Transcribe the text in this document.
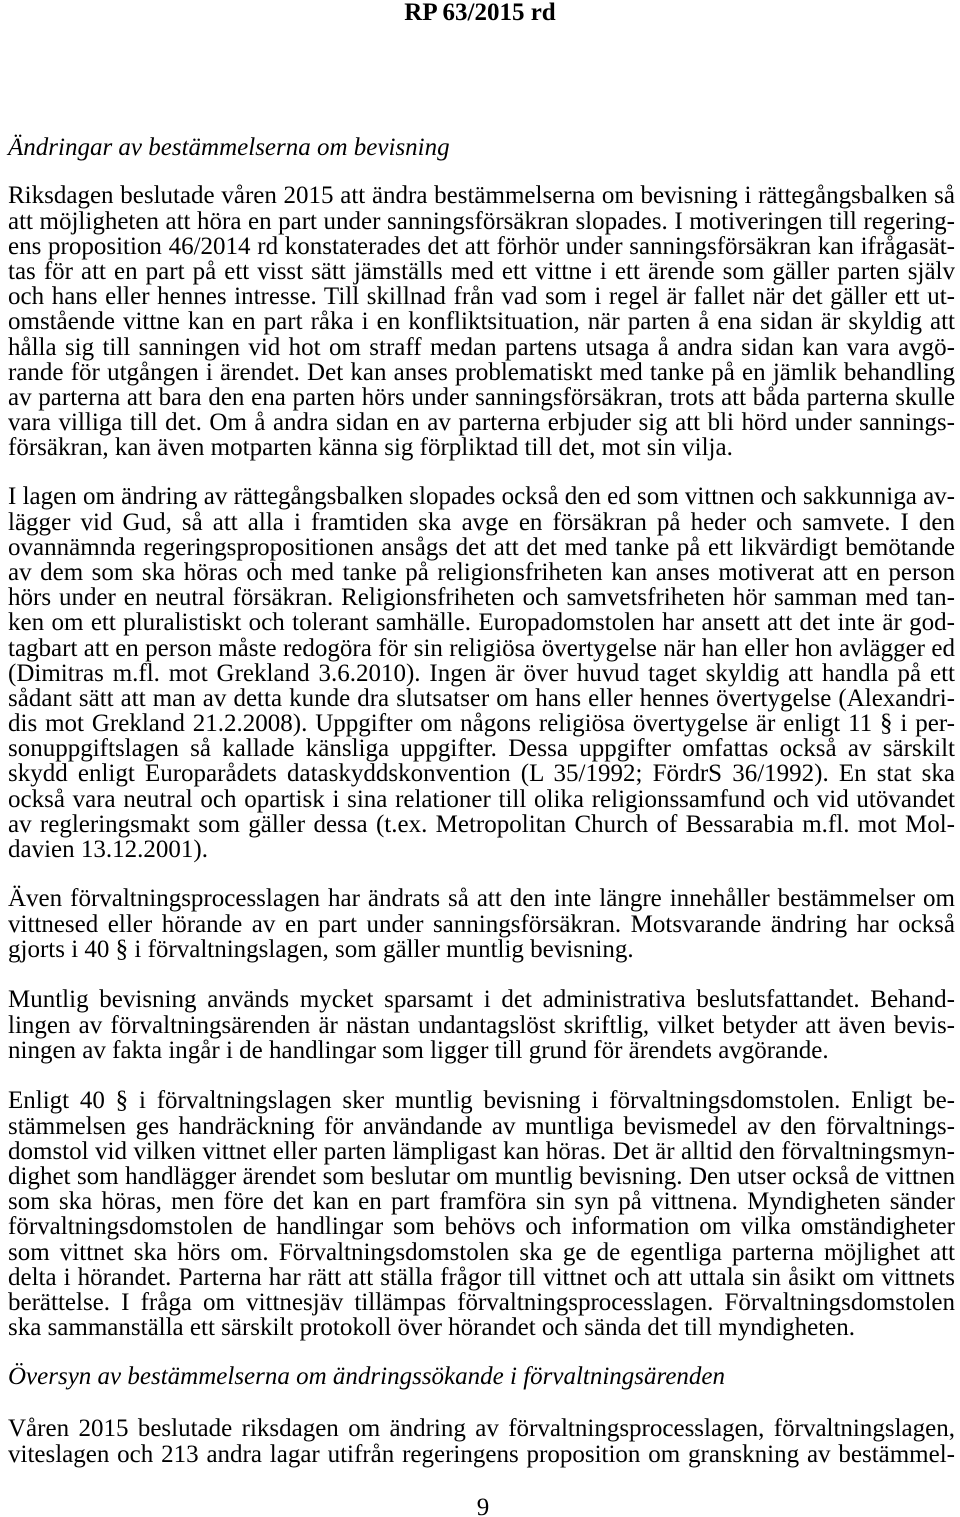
RP 63/2015 rd
Ändringar av bestämmelserna om bevisning
Riksdagen beslutade våren 2015 att ändra bestämmelserna om bevisning i rättegångsbalken så
att möjligheten att höra en part under sanningsförsäkran slopades. I motiveringen till regering-
ens proposition 46/2014 rd konstaterades det att förhör under sanningsförsäkran kan ifrågasät-
tas för att en part på ett visst sätt jämställs med ett vittne i ett ärende som gäller parten själv
och hans eller hennes intresse. Till skillnad från vad som i regel är fallet när det gäller ett ut-
omstående vittne kan en part råka i en konfliktsituation, när parten å ena sidan är skyldig att
hålla sig till sanningen vid hot om straff medan partens utsaga å andra sidan kan vara avgö-
rande för utgången i ärendet. Det kan anses problematiskt med tanke på en jämlik behandling
av parterna att bara den ena parten hörs under sanningsförsäkran, trots att båda parterna skulle
vara villiga till det. Om å andra sidan en av parterna erbjuder sig att bli hörd under sannings-
försäkran, kan även motparten känna sig förpliktad till det, mot sin vilja.
I lagen om ändring av rättegångsbalken slopades också den ed som vittnen och sakkunniga av-
lägger vid Gud, så att alla i framtiden ska avge en försäkran på heder och samvete. I den
ovannämnda regeringspropositionen ansågs det att det med tanke på ett likvärdigt bemötande
av dem som ska höras och med tanke på religionsfriheten kan anses motiverat att en person
hörs under en neutral försäkran. Religionsfriheten och samvetsfriheten hör samman med tan-
ken om ett pluralistiskt och tolerant samhälle. Europadomstolen har ansett att det inte är god-
tagbart att en person måste redogöra för sin religiösa övertygelse när han eller hon avlägger ed
(Dimitras m.fl. mot Grekland 3.6.2010). Ingen är över huvud taget skyldig att handla på ett
sådant sätt att man av detta kunde dra slutsatser om hans eller hennes övertygelse (Alexandri-
dis mot Grekland 21.2.2008). Uppgifter om någons religiösa övertygelse är enligt 11 § i per-
sonuppgiftslagen så kallade känsliga uppgifter. Dessa uppgifter omfattas också av särskilt
skydd enligt Europarådets dataskyddskonvention (L 35/1992; FördrS 36/1992). En stat ska
också vara neutral och opartisk i sina relationer till olika religionssamfund och vid utövandet
av regleringsmakt som gäller dessa (t.ex. Metropolitan Church of Bessarabia m.fl. mot Mol-
davien 13.12.2001).
Även förvaltningsprocesslagen har ändrats så att den inte längre innehåller bestämmelser om
vittnesed eller hörande av en part under sanningsförsäkran. Motsvarande ändring har också
gjorts i 40 § i förvaltningslagen, som gäller muntlig bevisning.
Muntlig bevisning används mycket sparsamt i det administrativa beslutsfattandet. Behand-
lingen av förvaltningsärenden är nästan undantagslöst skriftlig, vilket betyder att även bevis-
ningen av fakta ingår i de handlingar som ligger till grund för ärendets avgörande.
Enligt 40 § i förvaltningslagen sker muntlig bevisning i förvaltningsdomstolen. Enligt be-
stämmelsen ges handräckning för användande av muntliga bevismedel av den förvaltnings-
domstol vid vilken vittnet eller parten lämpligast kan höras. Det är alltid den förvaltningsmyn-
dighet som handlägger ärendet som beslutar om muntlig bevisning. Den utser också de vittnen
som ska höras, men före det kan en part framföra sin syn på vittnena. Myndigheten sänder
förvaltningsdomstolen de handlingar som behövs och information om vilka omständigheter
som vittnet ska hörs om. Förvaltningsdomstolen ska ge de egentliga parterna möjlighet att
delta i hörandet. Parterna har rätt att ställa frågor till vittnet och att uttala sin åsikt om vittnets
berättelse. I fråga om vittnesjäv tillämpas förvaltningsprocesslagen. Förvaltningsdomstolen
ska sammanställa ett särskilt protokoll över hörandet och sända det till myndigheten.
Översyn av bestämmelserna om ändringssökande i förvaltningsärenden
Våren 2015 beslutade riksdagen om ändring av förvaltningsprocesslagen, förvaltningslagen,
viteslagen och 213 andra lagar utifrån regeringens proposition om granskning av bestämmel-
9
